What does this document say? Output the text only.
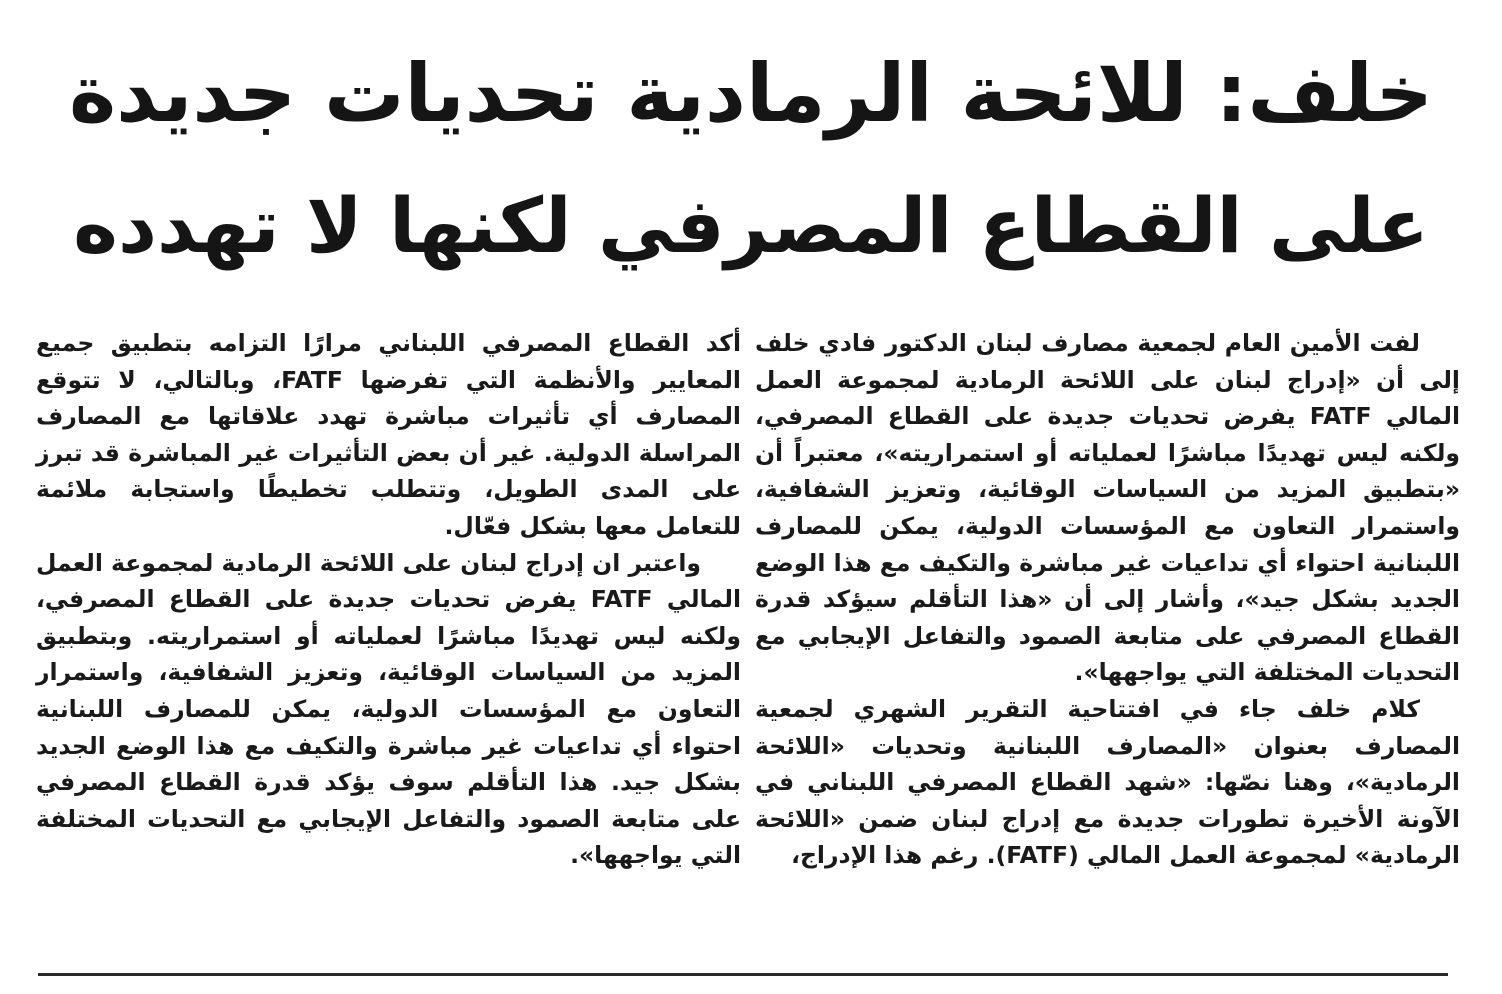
خلف: للائحة الرمادية تحديات جديدة
على القطاع المصرفي لكنها لا تهدده

لفت الأمين العام لجمعية مصارف لبنان الدكتور فادي خلف إلى أن «إدراج لبنان على اللائحة الرمادية لمجموعة العمل المالي FATF يفرض تحديات جديدة على القطاع المصرفي، ولكنه ليس تهديدًا مباشرًا لعملياته أو استمراريته»، معتبراً أن «بتطبيق المزيد من السياسات الوقائية، وتعزيز الشفافية، واستمرار التعاون مع المؤسسات الدولية، يمكن للمصارف اللبنانية احتواء أي تداعيات غير مباشرة والتكيف مع هذا الوضع الجديد بشكل جيد»، وأشار إلى أن «هذا التأقلم سيؤكد قدرة القطاع المصرفي على متابعة الصمود والتفاعل الإيجابي مع التحديات المختلفة التي يواجهها».

كلام خلف جاء في افتتاحية التقرير الشهري لجمعية المصارف بعنوان «المصارف اللبنانية وتحديات «اللائحة الرمادية»، وهنا نصّها: «شهد القطاع المصرفي اللبناني في الآونة الأخيرة تطورات جديدة مع إدراج لبنان ضمن «اللائحة الرمادية» لمجموعة العمل المالي (FATF). رغم هذا الإدراج،

أكد القطاع المصرفي اللبناني مرارًا التزامه بتطبيق جميع المعايير والأنظمة التي تفرضها FATF، وبالتالي، لا تتوقع المصارف أي تأثيرات مباشرة تهدد علاقاتها مع المصارف المراسلة الدولية. غير أن بعض التأثيرات غير المباشرة قد تبرز على المدى الطويل، وتتطلب تخطيطًا واستجابة ملائمة للتعامل معها بشكل فعّال.

واعتبر ان إدراج لبنان على اللائحة الرمادية لمجموعة العمل المالي FATF يفرض تحديات جديدة على القطاع المصرفي، ولكنه ليس تهديدًا مباشرًا لعملياته أو استمراريته. وبتطبيق المزيد من السياسات الوقائية، وتعزيز الشفافية، واستمرار التعاون مع المؤسسات الدولية، يمكن للمصارف اللبنانية احتواء أي تداعيات غير مباشرة والتكيف مع هذا الوضع الجديد بشكل جيد. هذا التأقلم سوف يؤكد قدرة القطاع المصرفي على متابعة الصمود والتفاعل الإيجابي مع التحديات المختلفة التي يواجهها».
